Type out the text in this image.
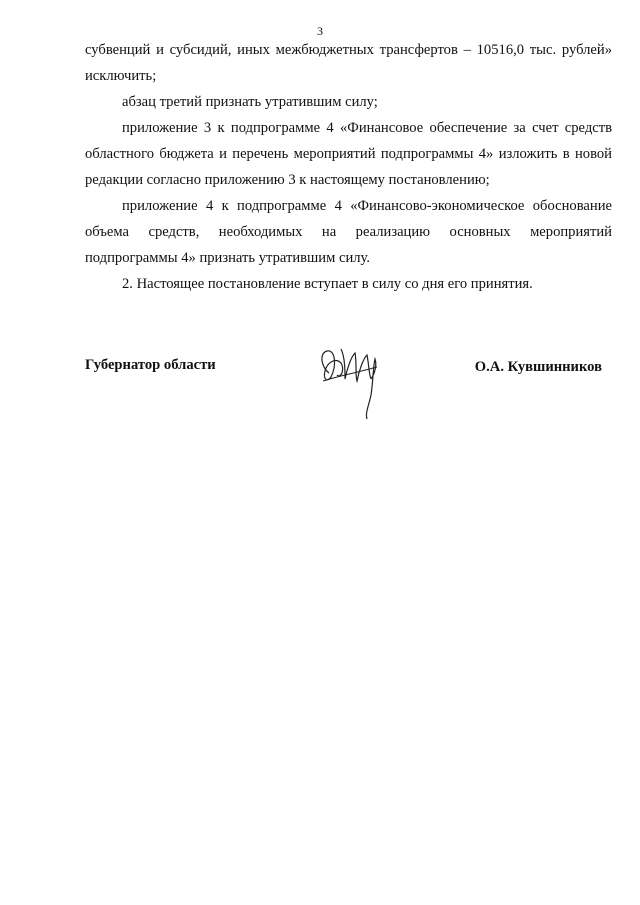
3

субвенций и субсидий, иных межбюджетных трансфертов – 10516,0 тыс. рублей» исключить;

абзац третий признать утратившим силу;

приложение 3 к подпрограмме 4 «Финансовое обеспечение за счет средств областного бюджета и перечень мероприятий подпрограммы 4» изложить в новой редакции согласно приложению 3 к настоящему постановлению;

приложение 4 к подпрограмме 4 «Финансово-экономическое обоснование объема средств, необходимых на реализацию основных мероприятий подпрограммы 4» признать утратившим силу.

2. Настоящее постановление вступает в силу со дня его принятия.

Губернатор области	О.А. Кувшинников
